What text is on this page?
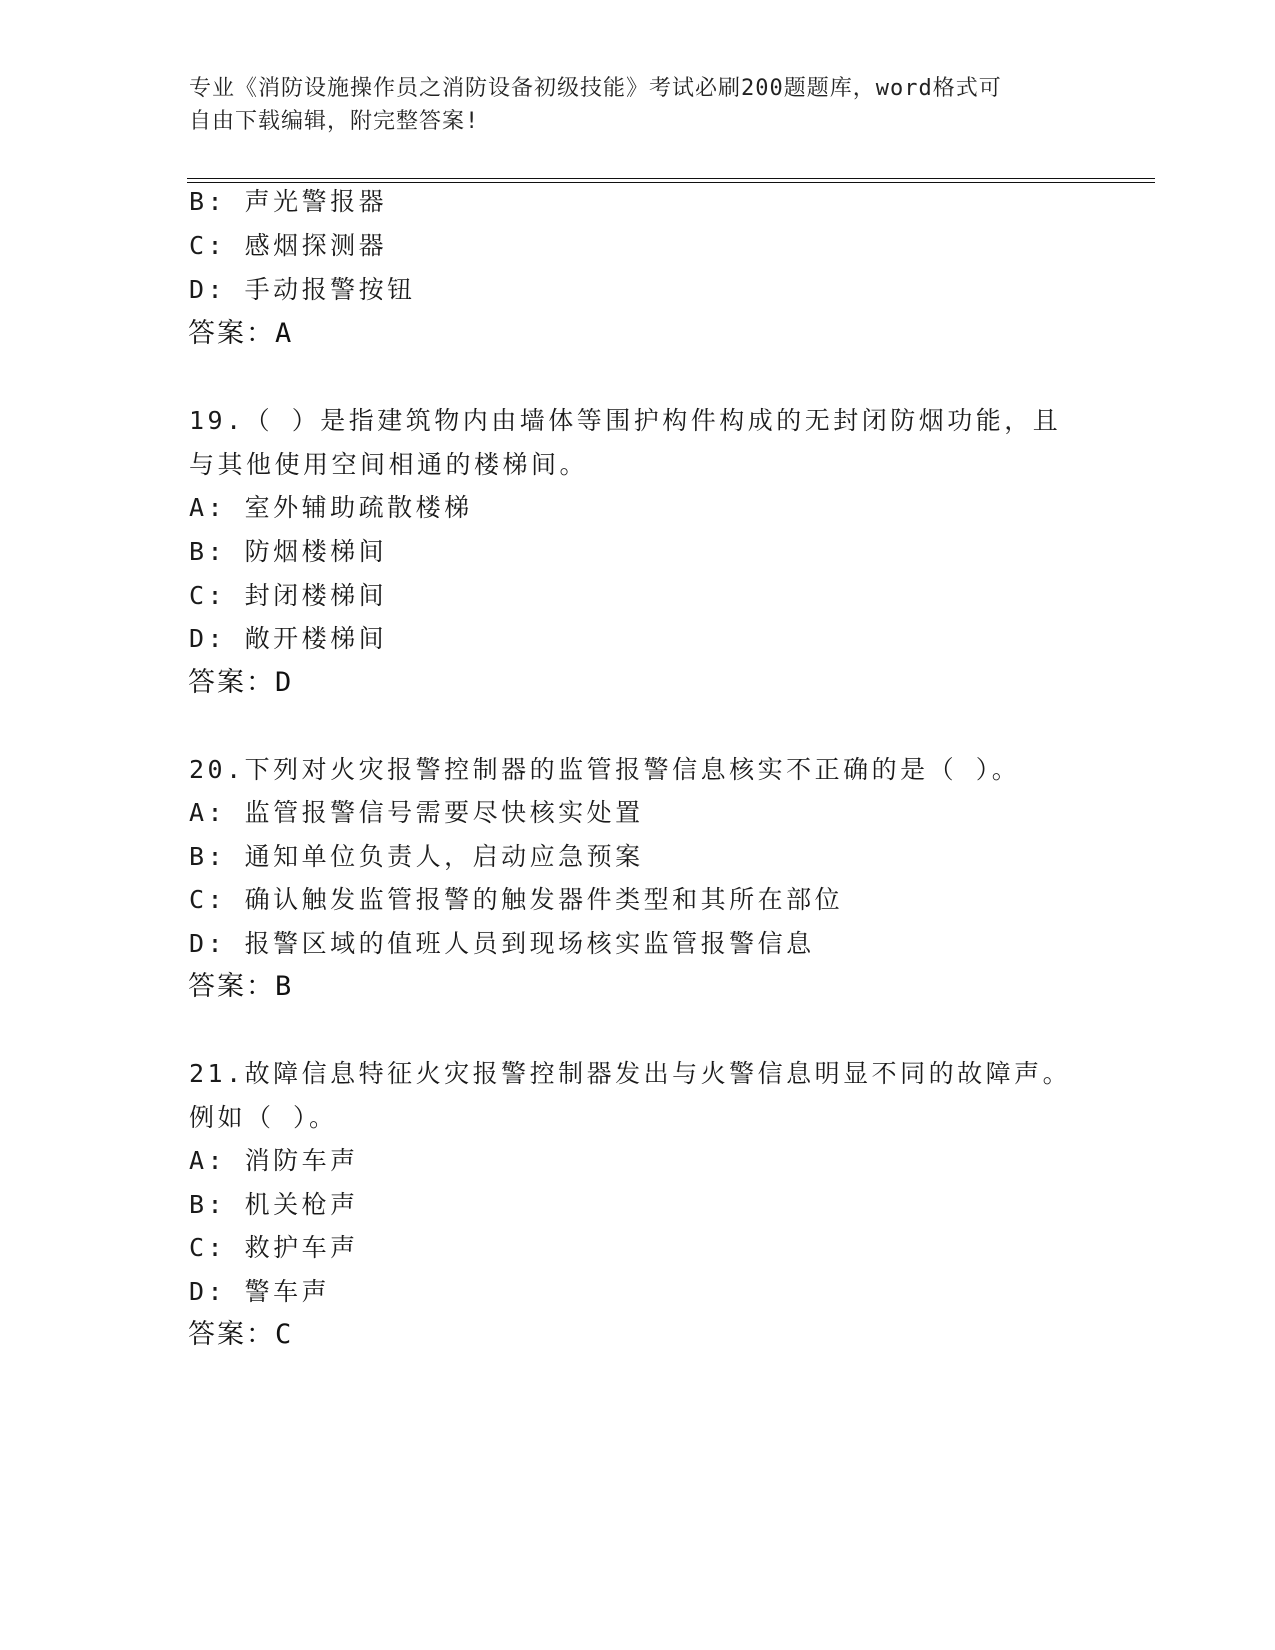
专业《消防设施操作员之消防设备初级技能》考试必刷200题题库，word格式可
自由下载编辑，附完整答案!
B: 声光警报器
C: 感烟探测器
D: 手动报警按钮
答案：A
19.（ ）是指建筑物内由墙体等围护构件构成的无封闭防烟功能，且
与其他使用空间相通的楼梯间。
A: 室外辅助疏散楼梯
B: 防烟楼梯间
C: 封闭楼梯间
D: 敞开楼梯间
答案：D
20.下列对火灾报警控制器的监管报警信息核实不正确的是（ ）。
A: 监管报警信号需要尽快核实处置
B: 通知单位负责人，启动应急预案
C: 确认触发监管报警的触发器件类型和其所在部位
D: 报警区域的值班人员到现场核实监管报警信息
答案：B
21.故障信息特征火灾报警控制器发出与火警信息明显不同的故障声。
例如（ ）。
A: 消防车声
B: 机关枪声
C: 救护车声
D: 警车声
答案：C
